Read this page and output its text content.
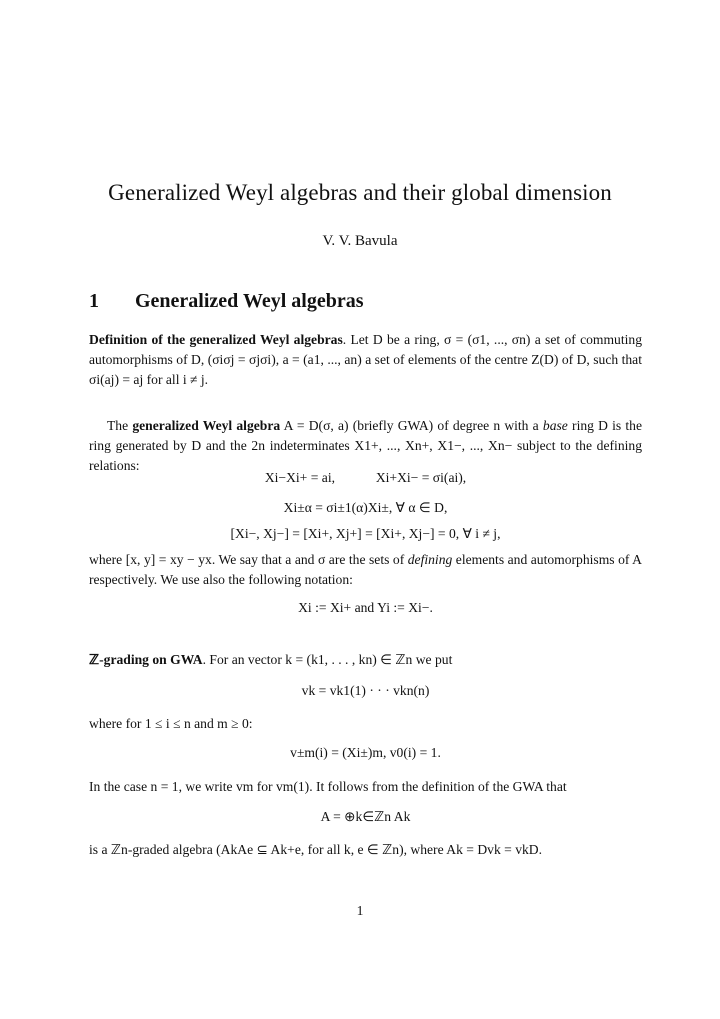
Generalized Weyl algebras and their global dimension
V. V. Bavula
1 Generalized Weyl algebras
Definition of the generalized Weyl algebras. Let D be a ring, σ = (σ1, ..., σn) a set of commuting automorphisms of D, (σiσj = σjσi), a = (a1, ..., an) a set of elements of the centre Z(D) of D, such that σi(aj) = aj for all i ≠ j.
The generalized Weyl algebra A = D(σ, a) (briefly GWA) of degree n with a base ring D is the ring generated by D and the 2n indeterminates X1+, ..., Xn+, X1−, ..., Xn− subject to the defining relations:
Xi−Xi+ = ai,	Xi+Xi− = σi(ai),
Xi±α = σi±1(α)Xi±, ∀ α ∈ D,
[Xi−, Xj−] = [Xi+, Xj+] = [Xi+, Xj−] = 0, ∀ i ≠ j,
where [x, y] = xy − yx. We say that a and σ are the sets of defining elements and automorphisms of A respectively. We use also the following notation:
Xi := Xi+ and Yi := Xi−.
ℤ-grading on GWA. For an vector k = (k1, . . . , kn) ∈ ℤn we put
vk = vk1(1) · · · vkn(n)
where for 1 ≤ i ≤ n and m ≥ 0:
v±m(i) = (Xi±)m, v0(i) = 1.
In the case n = 1, we write vm for vm(1). It follows from the definition of the GWA that
A = ⊕k∈ℤn Ak
is a ℤn-graded algebra (AkAe ⊆ Ak+e, for all k, e ∈ ℤn), where Ak = Dvk = vkD.
1
